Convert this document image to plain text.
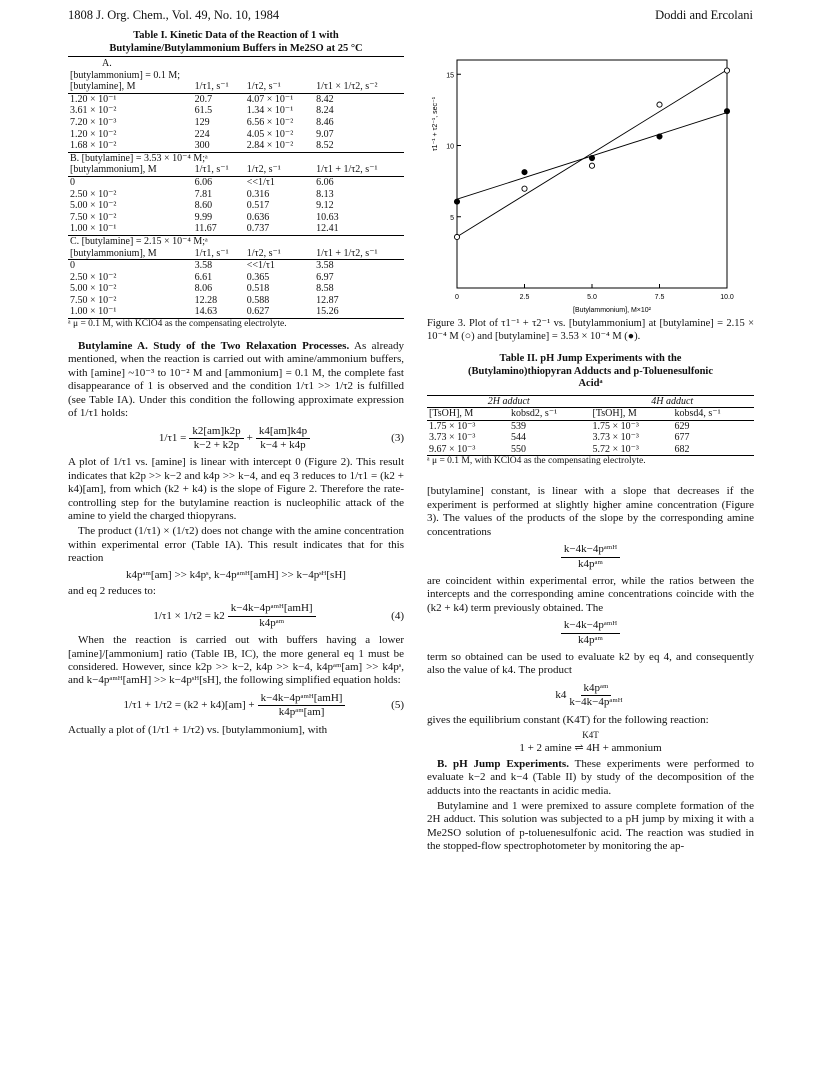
1808 J. Org. Chem., Vol. 49, No. 10, 1984	Doddi and Ercolani
Table I. Kinetic Data of the Reaction of 1 with Butylamine/Butylammonium Buffers in Me2SO at 25 °C
A.			
[butylammonium] = 0.1 M;			
[butylamine], M	1/τ1, s⁻¹	1/τ2, s⁻¹	1/τ1 × 1/τ2, s⁻²
1.20 × 10⁻¹	20.7	4.07 × 10⁻¹	8.42
3.61 × 10⁻²	61.5	1.34 × 10⁻¹	8.24
7.20 × 10⁻³	129	6.56 × 10⁻²	8.46
1.20 × 10⁻²	224	4.05 × 10⁻²	9.07
1.68 × 10⁻²	300	2.84 × 10⁻²	8.52
B. [butylamine] = 3.53 × 10⁻⁴ M;ᵃ			
[butylammonium], M	1/τ1, s⁻¹	1/τ2, s⁻¹	1/τ1 + 1/τ2, s⁻¹
0	6.06	<<1/τ1	6.06
2.50 × 10⁻²	7.81	0.316	8.13
5.00 × 10⁻²	8.60	0.517	9.12
7.50 × 10⁻²	9.99	0.636	10.63
1.00 × 10⁻¹	11.67	0.737	12.41
C. [butylamine] = 2.15 × 10⁻⁴ M;ᵃ			
[butylammonium], M	1/τ1, s⁻¹	1/τ2, s⁻¹	1/τ1 + 1/τ2, s⁻¹
0	3.58	<<1/τ1	3.58
2.50 × 10⁻²	6.61	0.365	6.97
5.00 × 10⁻²	8.06	0.518	8.58
7.50 × 10⁻²	12.28	0.588	12.87
1.00 × 10⁻¹	14.63	0.627	15.26

ᵃ μ = 0.1 M, with KClO4 as the compensating electrolyte.

Butylamine A. Study of the Two Relaxation Processes. As already mentioned, when the reaction is carried out with amine/ammonium buffers, with [amine] ~10⁻³ to 10⁻² M and [ammonium] = 0.1 M, the complete fast disappearance of 1 is observed and the condition 1/τ1 >> 1/τ2 is fulfilled (see Table IA). Under this condition the following approximate expression of 1/τ1 holds:

$1/\tau 1 = \frac{k2[am]k2p}{k-2 + k2p} + \frac{k4[am]k4p}{k-4 + k4p}$	(3)

A plot of 1/τ1 vs. [amine] is linear with intercept 0 (Figure 2). This result indicates that k2p >> k−2 and k4p >> k−4, and eq 3 reduces to 1/τ1 = (k2 + k4)[am], from which (k2 + k4) is the slope of Figure 2. Therefore the rate-controlling step for the butylamine reaction is nucleophilic attack of the amine to yield the charged thiopyrans.

The product (1/τ1) × (1/τ2) does not change with the amine concentration within experimental error (Table IA). This result indicates that for this reaction

k4pᵃᵐ[am] >> k4pˢ, k−4pᵃᵐᴴ[amH] >> k−4pˢᴴ[sH]

and eq 2 reduces to:

$1/\tau 1 \times 1/\tau 2 = k2 \frac{\text{k−4k−4pᵃᵐᴴ[amH]}}{\text{k4pᵃᵐ}}$	(4)

When the reaction is carried out with buffers having a lower [amine]/[ammonium] ratio (Table IB, IC), the more general eq 1 must be considered. However, since k2p >> k−2, k4p >> k−4, k4pᵃᵐ[am] >> k4pˢ, and k−4pᵃᵐᴴ[amH] >> k−4pˢᴴ[sH], the following simplified equation holds:

$1/\tau 1 + 1/\tau 2 = (k2 + k4)[am] + \frac{\text{k−4k−4pᵃᵐᴴ[amH]}}{\text{k4pᵃᵐ[am]}}$	(5)

Actually a plot of (1/τ1 + 1/τ2) vs. [butylammonium], with

0	2.5	5.0	7.5	10.0
5
10
15
[Butylammonium], M×10²
τ1⁻¹ + τ2⁻¹, sec⁻¹
Figure 3. Plot of τ1⁻¹ + τ2⁻¹ vs. [butylammonium] at [butylamine] = 2.15 × 10⁻⁴ M (○) and [butylamine] = 3.53 × 10⁻⁴ M (●).
Table II. pH Jump Experiments with the (Butylamino)thiopyran Adducts and p-Toluenesulfonic Acidᵃ
2H adduct		4H adduct	
[TsOH], M	kobsd2, s⁻¹	[TsOH], M	kobsd4, s⁻¹
1.75 × 10⁻³	539	1.75 × 10⁻³	629
3.73 × 10⁻³	544	3.73 × 10⁻³	677
9.67 × 10⁻³	550	5.72 × 10⁻³	682

ᵃ μ = 0.1 M, with KClO4 as the compensating electrolyte.

[butylamine] constant, is linear with a slope that decreases if the experiment is performed at slightly higher amine concentration (Figure 3). The values of the products of the slope by the corresponding amine concentrations

$\frac{\text{k−4k−4pᵃᵐᴴ}}{\text{k4pᵃᵐ}}$

are coincident within experimental error, while the ratios between the intercepts and the corresponding amine concentrations coincide with the (k2 + k4) term previously obtained. The

$\frac{\text{k−4k−4pᵃᵐᴴ}}{\text{k4pᵃᵐ}}$

term so obtained can be used to evaluate k2 by eq 4, and consequently also the value of k4. The product

$k4 \frac{\text{k4pᵃᵐ}}{\text{k−4k−4pᵃᵐᴴ}}$

gives the equilibrium constant (K4T) for the following reaction:

K4T
1 + 2 amine ⇌ 4H + ammonium

B. pH Jump Experiments. These experiments were performed to evaluate k−2 and k−4 (Table II) by study of the decomposition of the adducts into the reactants in acidic media.

Butylamine and 1 were premixed to assure complete formation of the 2H adduct. This solution was subjected to a pH jump by mixing it with a Me2SO solution of p-toluenesulfonic acid. The reaction was studied in the stopped-flow spectrophotometer by monitoring the ap-
